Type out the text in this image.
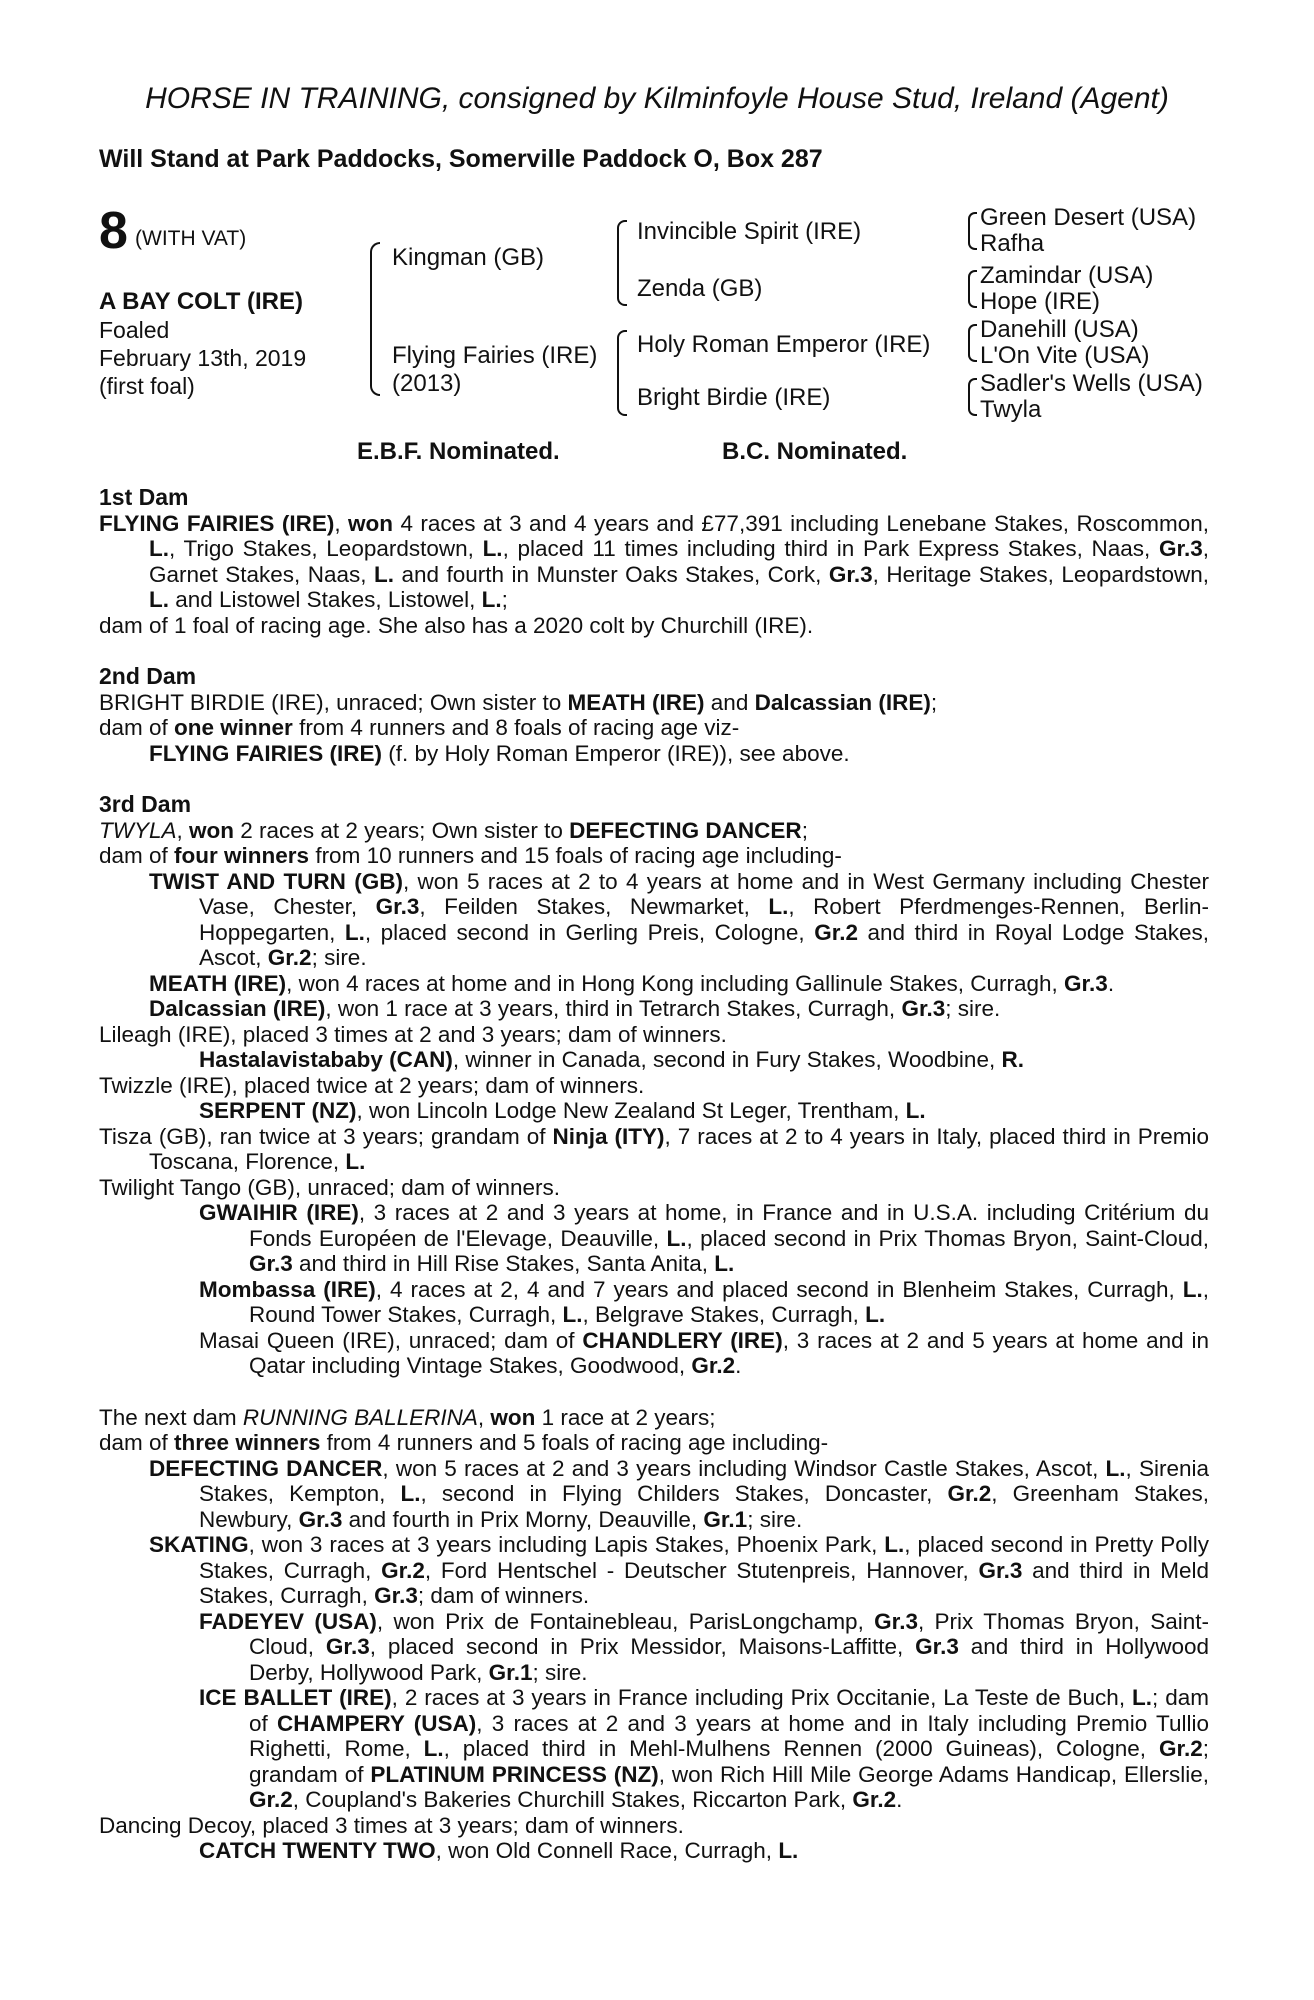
HORSE IN TRAINING, consigned by Kilminfoyle House Stud, Ireland (Agent)
Will Stand at Park Paddocks, Somerville Paddock O, Box 287
8 (WITH VAT)
A BAY COLT (IRE)
Foaled
February 13th, 2019
(first foal)
Kingman (GB)
Flying Fairies (IRE)
(2013)
Invincible Spirit (IRE)
Zenda (GB)
Holy Roman Emperor (IRE)
Bright Birdie (IRE)
Green Desert (USA)
Rafha
Zamindar (USA)
Hope (IRE)
Danehill (USA)
L'On Vite (USA)
Sadler's Wells (USA)
Twyla
E.B.F. Nominated.	B.C. Nominated.

1st Dam

FLYING FAIRIES (IRE), won 4 races at 3 and 4 years and £77,391 including Lenebane Stakes, Roscommon, L., Trigo Stakes, Leopardstown, L., placed 11 times including third in Park Express Stakes, Naas, Gr.3, Garnet Stakes, Naas, L. and fourth in Munster Oaks Stakes, Cork, Gr.3, Heritage Stakes, Leopardstown, L. and Listowel Stakes, Listowel, L.;

dam of 1 foal of racing age. She also has a 2020 colt by Churchill (IRE).

2nd Dam

BRIGHT BIRDIE (IRE), unraced; Own sister to MEATH (IRE) and Dalcassian (IRE);

dam of one winner from 4 runners and 8 foals of racing age viz-

FLYING FAIRIES (IRE) (f. by Holy Roman Emperor (IRE)), see above.

3rd Dam

TWYLA, won 2 races at 2 years; Own sister to DEFECTING DANCER;

dam of four winners from 10 runners and 15 foals of racing age including-

TWIST AND TURN (GB), won 5 races at 2 to 4 years at home and in West Germany including Chester Vase, Chester, Gr.3, Feilden Stakes, Newmarket, L., Robert Pferdmenges-Rennen, Berlin-Hoppegarten, L., placed second in Gerling Preis, Cologne, Gr.2 and third in Royal Lodge Stakes, Ascot, Gr.2; sire.

MEATH (IRE), won 4 races at home and in Hong Kong including Gallinule Stakes, Curragh, Gr.3.

Dalcassian (IRE), won 1 race at 3 years, third in Tetrarch Stakes, Curragh, Gr.3; sire.

Lileagh (IRE), placed 3 times at 2 and 3 years; dam of winners.

Hastalavistababy (CAN), winner in Canada, second in Fury Stakes, Woodbine, R.

Twizzle (IRE), placed twice at 2 years; dam of winners.

SERPENT (NZ), won Lincoln Lodge New Zealand St Leger, Trentham, L.

Tisza (GB), ran twice at 3 years; grandam of Ninja (ITY), 7 races at 2 to 4 years in Italy, placed third in Premio Toscana, Florence, L.

Twilight Tango (GB), unraced; dam of winners.

GWAIHIR (IRE), 3 races at 2 and 3 years at home, in France and in U.S.A. including Critérium du Fonds Européen de l'Elevage, Deauville, L., placed second in Prix Thomas Bryon, Saint-Cloud, Gr.3 and third in Hill Rise Stakes, Santa Anita, L.

Mombassa (IRE), 4 races at 2, 4 and 7 years and placed second in Blenheim Stakes, Curragh, L., Round Tower Stakes, Curragh, L., Belgrave Stakes, Curragh, L.

Masai Queen (IRE), unraced; dam of CHANDLERY (IRE), 3 races at 2 and 5 years at home and in Qatar including Vintage Stakes, Goodwood, Gr.2.

The next dam RUNNING BALLERINA, won 1 race at 2 years;

dam of three winners from 4 runners and 5 foals of racing age including-

DEFECTING DANCER, won 5 races at 2 and 3 years including Windsor Castle Stakes, Ascot, L., Sirenia Stakes, Kempton, L., second in Flying Childers Stakes, Doncaster, Gr.2, Greenham Stakes, Newbury, Gr.3 and fourth in Prix Morny, Deauville, Gr.1; sire.

SKATING, won 3 races at 3 years including Lapis Stakes, Phoenix Park, L., placed second in Pretty Polly Stakes, Curragh, Gr.2, Ford Hentschel - Deutscher Stutenpreis, Hannover, Gr.3 and third in Meld Stakes, Curragh, Gr.3; dam of winners.

FADEYEV (USA), won Prix de Fontainebleau, ParisLongchamp, Gr.3, Prix Thomas Bryon, Saint-Cloud, Gr.3, placed second in Prix Messidor, Maisons-Laffitte, Gr.3 and third in Hollywood Derby, Hollywood Park, Gr.1; sire.

ICE BALLET (IRE), 2 races at 3 years in France including Prix Occitanie, La Teste de Buch, L.; dam of CHAMPERY (USA), 3 races at 2 and 3 years at home and in Italy including Premio Tullio Righetti, Rome, L., placed third in Mehl-Mulhens Rennen (2000 Guineas), Cologne, Gr.2; grandam of PLATINUM PRINCESS (NZ), won Rich Hill Mile George Adams Handicap, Ellerslie, Gr.2, Coupland's Bakeries Churchill Stakes, Riccarton Park, Gr.2.

Dancing Decoy, placed 3 times at 3 years; dam of winners.

CATCH TWENTY TWO, won Old Connell Race, Curragh, L.
